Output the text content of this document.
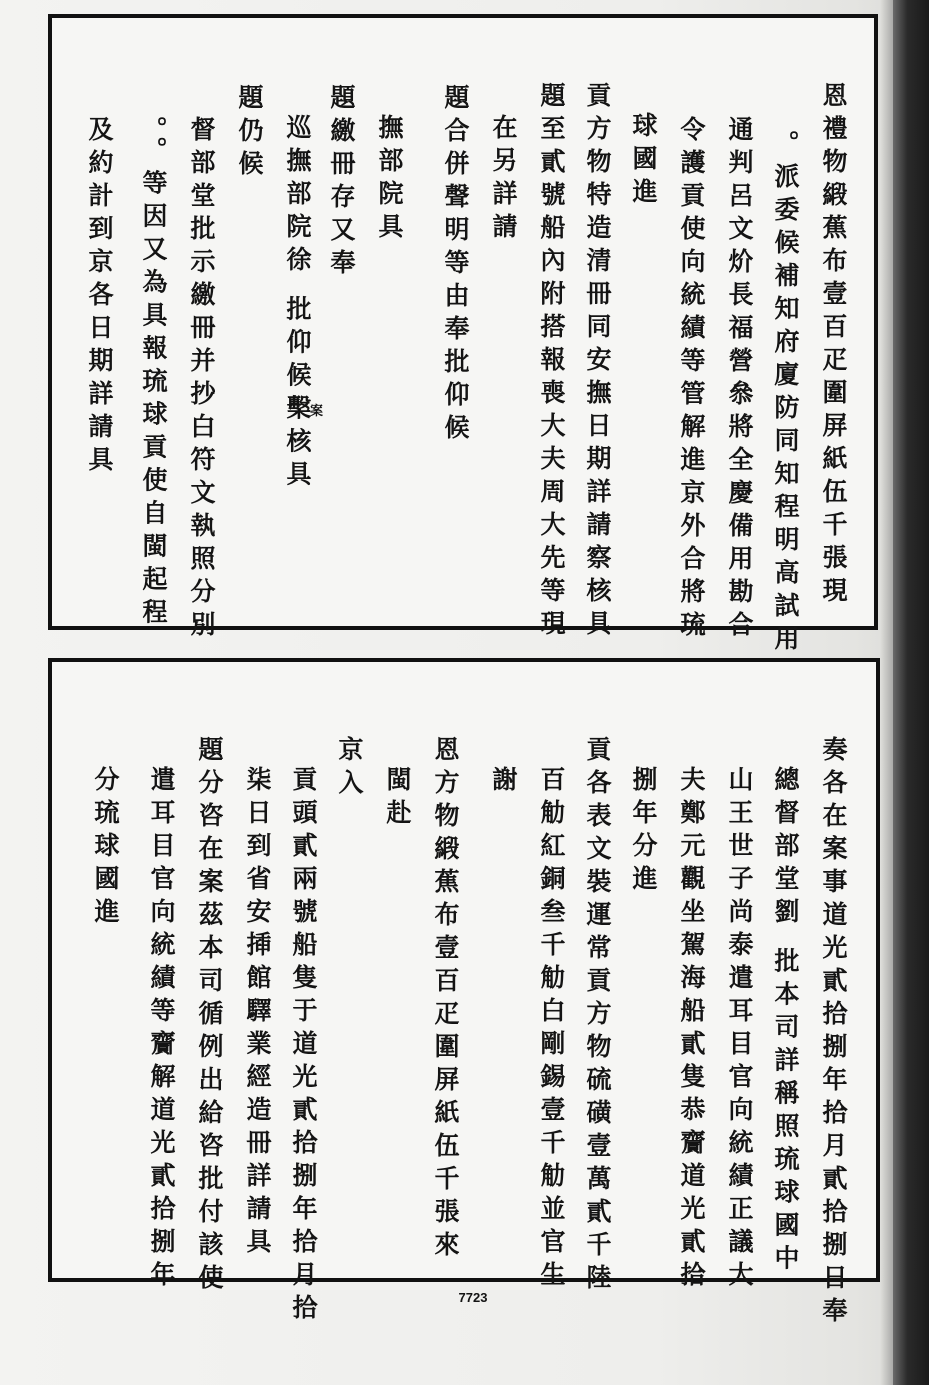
恩禮物緞蕉布壹百疋圍屏紙伍千張現
。派委候補知府廈防同知程明高試用
通判呂文炌長福營叅將全慶備用勘合
令護貢使向統績等管解進京外合將琉
球國進
貢方物特造清冊同安撫日期詳請察核具
題至貳號船內附搭報喪大夫周大先等現
在另詳請
題合併聲明等由奉批仰候
撫部院具
題繳冊存又奉
巡撫部院徐 批仰候檕核具
案
題仍候
督部堂批示繳冊并抄白符文執照分別
。。等因又為具報琉球貢使自閩起程
及約計到京各日期詳請具
奏各在案事道光貳拾捌年拾月貳拾捌日奉
總督部堂劉 批本司詳稱照琉球國中
山王世子尚泰遣耳目官向統績正議大
夫鄭元觀坐駕海船貳隻恭齎道光貳拾
捌年分進
貢各表文裝運常貢方物硫磺壹萬貳千陸
百觔紅銅叁千觔白剛錫壹千觔並官生
謝
恩方物緞蕉布壹百疋圍屏紙伍千張來
閩赴
京入
貢頭貳兩號船隻于道光貳拾捌年拾月拾
柒日到省安揷館驛業經造冊詳請具
題分咨在案茲本司循例出給咨批付該使
遣耳目官向統績等齎解道光貳拾捌年
分琉球國進
7723
